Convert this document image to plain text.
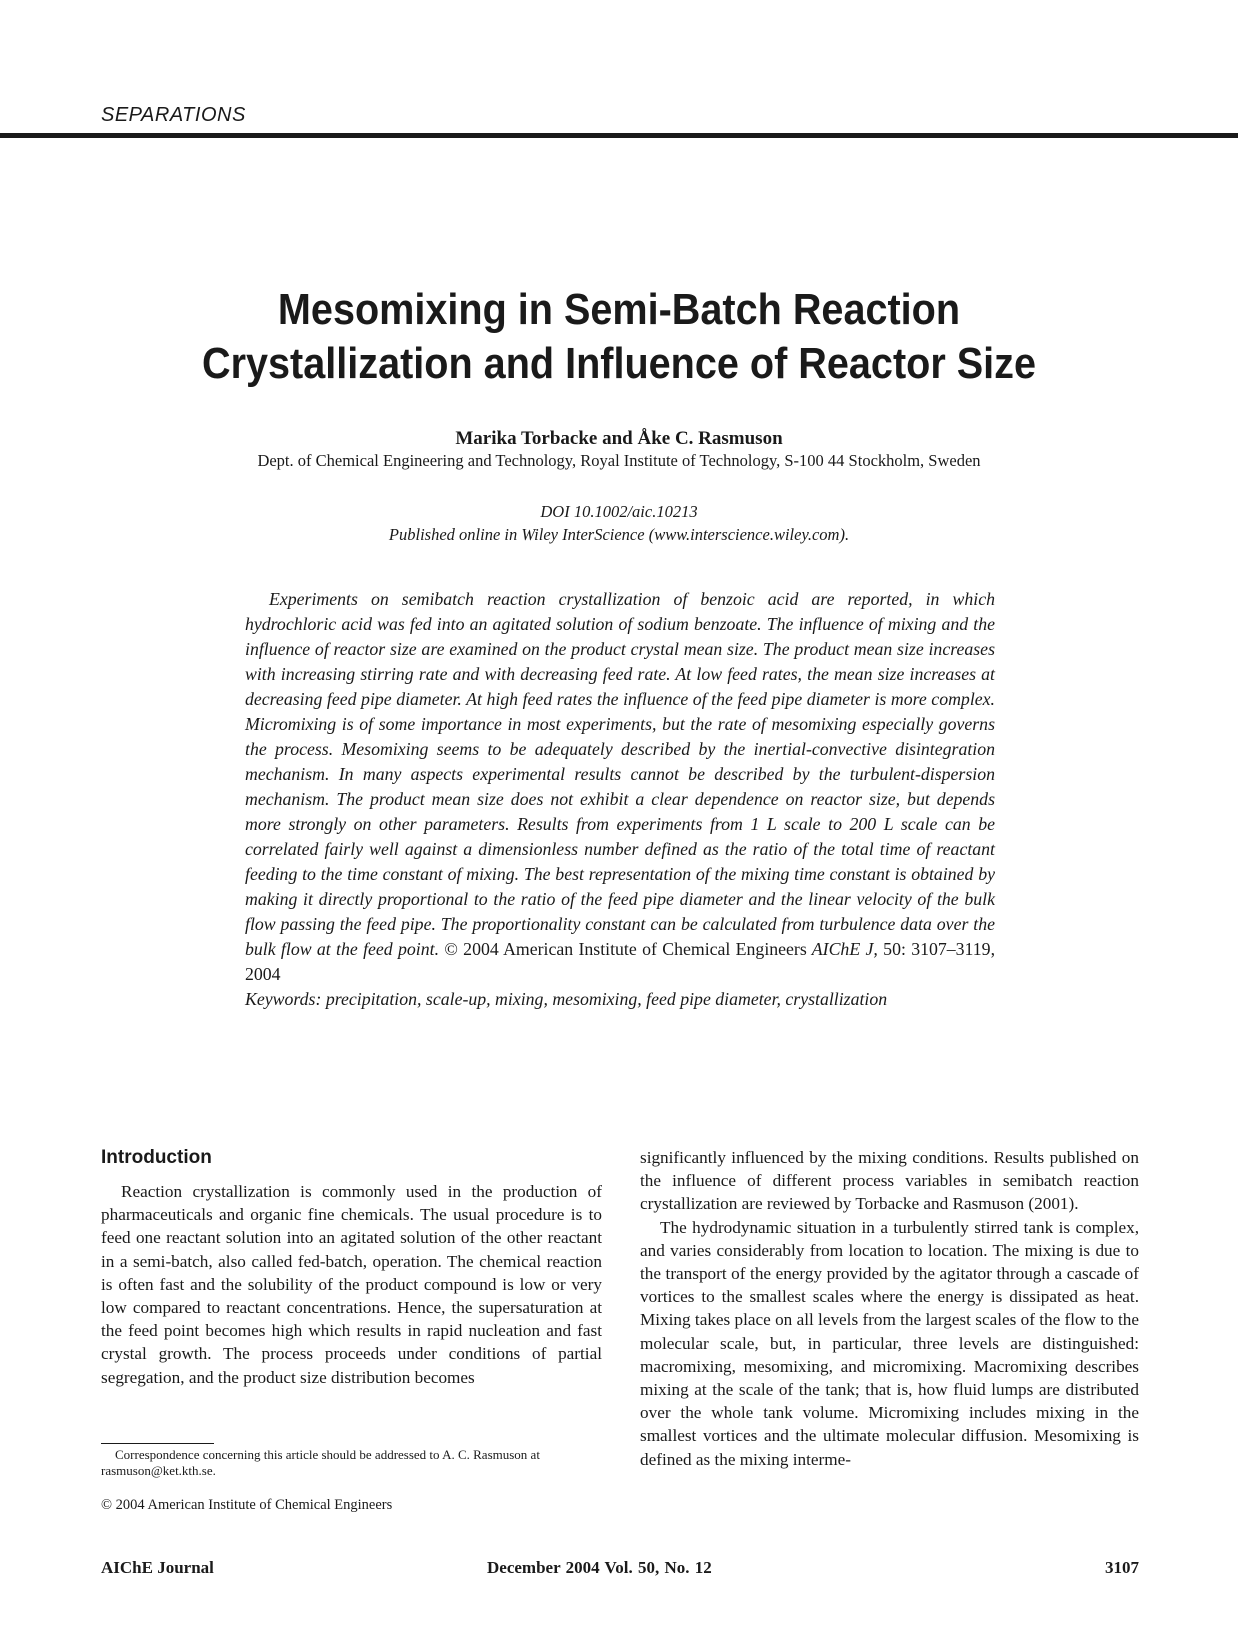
SEPARATIONS
Mesomixing in Semi-Batch Reaction
Crystallization and Influence of Reactor Size
Marika Torbacke and Åke C. Rasmuson
Dept. of Chemical Engineering and Technology, Royal Institute of Technology, S-100 44 Stockholm, Sweden
DOI 10.1002/aic.10213
Published online in Wiley InterScience (www.interscience.wiley.com).

Experiments on semibatch reaction crystallization of benzoic acid are reported, in which hydrochloric acid was fed into an agitated solution of sodium benzoate. The influence of mixing and the influence of reactor size are examined on the product crystal mean size. The product mean size increases with increasing stirring rate and with decreasing feed rate. At low feed rates, the mean size increases at decreasing feed pipe diameter. At high feed rates the influence of the feed pipe diameter is more complex. Micromixing is of some importance in most experiments, but the rate of mesomixing especially governs the process. Mesomixing seems to be adequately described by the inertial-convective disintegration mechanism. In many aspects experimental results cannot be described by the turbulent-dispersion mechanism. The product mean size does not exhibit a clear dependence on reactor size, but depends more strongly on other parameters. Results from experiments from 1 L scale to 200 L scale can be correlated fairly well against a dimensionless number defined as the ratio of the total time of reactant feeding to the time constant of mixing. The best representation of the mixing time constant is obtained by making it directly proportional to the ratio of the feed pipe diameter and the linear velocity of the bulk flow passing the feed pipe. The proportionality constant can be calculated from turbulence data over the bulk flow at the feed point. © 2004 American Institute of Chemical Engineers AIChE J, 50: 3107–3119, 2004

Keywords: precipitation, scale-up, mixing, mesomixing, feed pipe diameter, crystallization

Introduction

Reaction crystallization is commonly used in the production of pharmaceuticals and organic fine chemicals. The usual procedure is to feed one reactant solution into an agitated solution of the other reactant in a semi-batch, also called fed-batch, operation. The chemical reaction is often fast and the solubility of the product compound is low or very low compared to reactant concentrations. Hence, the supersaturation at the feed point becomes high which results in rapid nucleation and fast crystal growth. The process proceeds under conditions of partial segregation, and the product size distribution becomes

significantly influenced by the mixing conditions. Results published on the influence of different process variables in semibatch reaction crystallization are reviewed by Torbacke and Rasmuson (2001).

The hydrodynamic situation in a turbulently stirred tank is complex, and varies considerably from location to location. The mixing is due to the transport of the energy provided by the agitator through a cascade of vortices to the smallest scales where the energy is dissipated as heat. Mixing takes place on all levels from the largest scales of the flow to the molecular scale, but, in particular, three levels are distinguished: macromixing, mesomixing, and micromixing. Macromixing describes mixing at the scale of the tank; that is, how fluid lumps are distributed over the whole tank volume. Micromixing includes mixing in the smallest vortices and the ultimate molecular diffusion. Mesomixing is defined as the mixing interme-

Correspondence concerning this article should be addressed to A. C. Rasmuson at rasmuson@ket.kth.se.
© 2004 American Institute of Chemical Engineers
AIChE Journal	December 2004 Vol. 50, No. 12	3107
